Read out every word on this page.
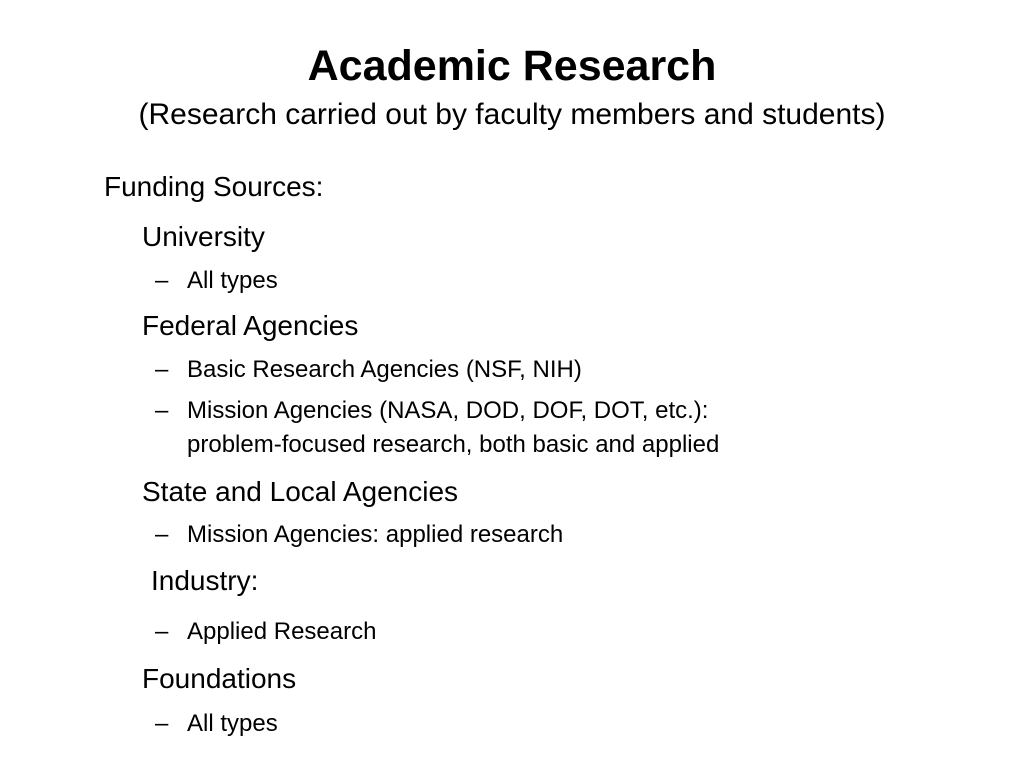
Academic Research
(Research carried out by faculty members and students)
Funding Sources:
University
– All types
Federal Agencies
– Basic Research Agencies (NSF, NIH)
– Mission Agencies (NASA, DOD, DOF, DOT, etc.):
problem-focused research, both basic and applied
State and Local Agencies
– Mission Agencies: applied research
Industry:
– Applied Research
Foundations
– All types
